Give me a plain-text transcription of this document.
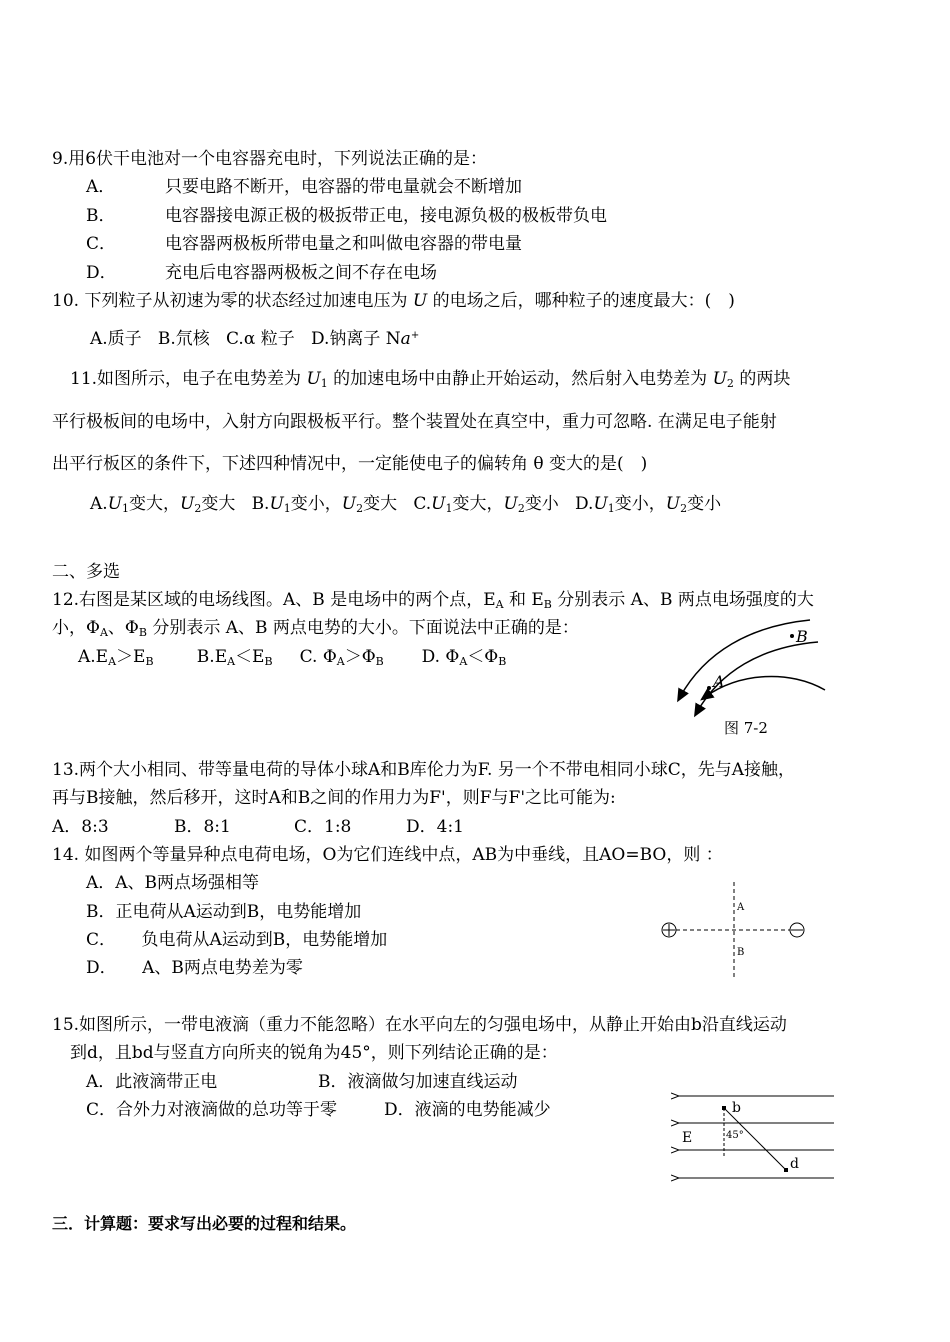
9.用6伏干电池对一个电容器充电时，下列说法正确的是：
A．	只要电路不断开，电容器的带电量就会不断增加
B．	电容器接电源正极的极扳带正电，接电源负极的极板带负电
C．	电容器两极板所带电量之和叫做电容器的带电量
D．	充电后电容器两极板之间不存在电场
10. 下列粒子从初速为零的状态经过加速电压为 U 的电场之后，哪种粒子的速度最大：(　)
A.质子 B.氘核 C.α 粒子 D.钠离子 Na+
11.如图所示，电子在电势差为 $U_1$ 的加速电场中由静止开始运动，然后射入电势差为 $U_2$ 的两块
平行极板间的电场中，入射方向跟极板平行。整个装置处在真空中，重力可忽略. 在满足电子能射
出平行板区的条件下，下述四种情况中，一定能使电子的偏转角 θ 变大的是(　)
$A.U_1$变大，$U_2$变大 $B.U_1$变小，$U_2$变大 $C.U_1$变大，$U_2$变小 $D.U_1$变小，$U_2$变小
二、多选
12.右图是某区域的电场线图。A、B 是电场中的两个点，$E_A$ 和 $E_B$ 分别表示 A、B 两点电场强度的大
小，$\Phi_A$、$\Phi_B$ 分别表示 A、B 两点电势的大小。下面说法中正确的是：
$A.E_A>E_B$	$B.E_A<E_B$ C. $\Phi_A>\Phi_B$ D. $\Phi_A<\Phi_B$
B
A
图 7-2
13.两个大小相同、带等量电荷的导体小球A和B库伦力为F. 另一个不带电相同小球C，先与A接触，
再与B接触，然后移开，这时A和B之间的作用力为F'，则F与F'之比可能为:
A．8:3	B．8:1	C．1:8	D．4:1
14. 如图两个等量异种点电荷电场，O为它们连线中点，AB为中垂线，且AO=BO，则 ：
A．A、B两点场强相等
B．正电荷从A运动到B，电势能增加
C．　　负电荷从A运动到B，电势能增加
D．　　A、B两点电势差为零
A
B
15.如图所示，一带电液滴（重力不能忽略）在水平向左的匀强电场中，从静止开始由b沿直线运动
到d，且bd与竖直方向所夹的锐角为45°，则下列结论正确的是：
A．此液滴带正电	B．液滴做匀加速直线运动
C．合外力对液滴做的总功等于零	D．液滴的电势能减少	b
d
E	45°
三．计算题：要求写出必要的过程和结果。
